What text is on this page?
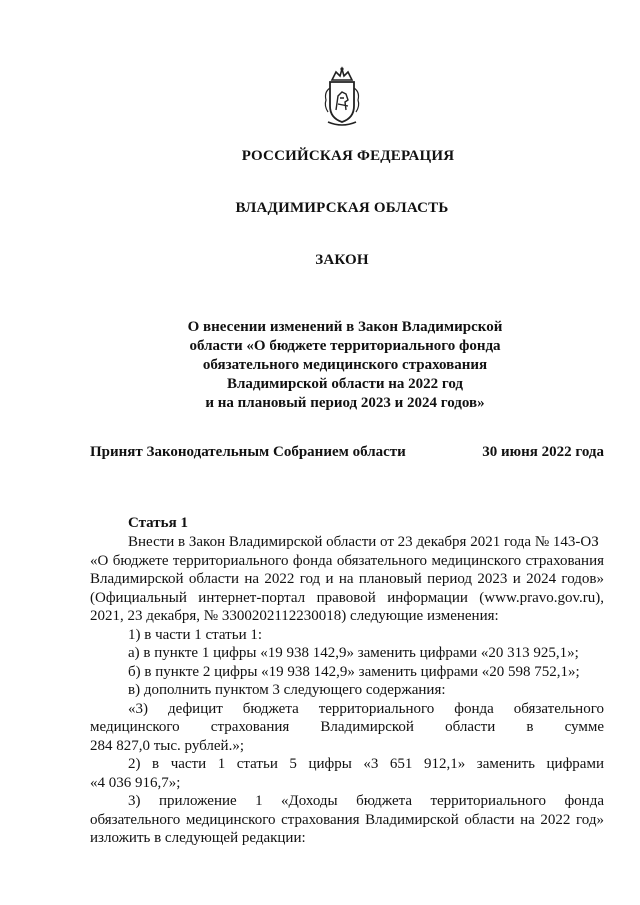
РОССИЙСКАЯ ФЕДЕРАЦИЯ
ВЛАДИМИРСКАЯ ОБЛАСТЬ
ЗАКОН
О внесении изменений в Закон Владимирской
области «О бюджете территориального фонда
обязательного медицинского страхования
Владимирской области на 2022 год
и на плановый период 2023 и 2024 годов»
Принят Законодательным Собранием области	30 июня 2022 года
Статья 1
Внести в Закон Владимирской области от 23 декабря 2021 года № 143-ОЗ
«О бюджете территориального фонда обязательного медицинского страхования
Владимирской области на 2022 год и на плановый период 2023 и 2024 годов»
(Официальный интернет-портал правовой информации (www.pravo.gov.ru),
2021, 23 декабря, № 3300202112230018) следующие изменения:
1) в части 1 статьи 1:
а) в пункте 1 цифры «19 938 142,9» заменить цифрами «20 313 925,1»;
б) в пункте 2 цифры «19 938 142,9» заменить цифрами «20 598 752,1»;
в) дополнить пунктом 3 следующего содержания:
«3) дефицит бюджета территориального фонда обязательного
медицинского страхования Владимирской области в сумме
284 827,0 тыс. рублей.»;
2) в части 1 статьи 5 цифры «3 651 912,1» заменить цифрами
«4 036 916,7»;
3) приложение 1 «Доходы бюджета территориального фонда
обязательного медицинского страхования Владимирской области на 2022 год»
изложить в следующей редакции:
